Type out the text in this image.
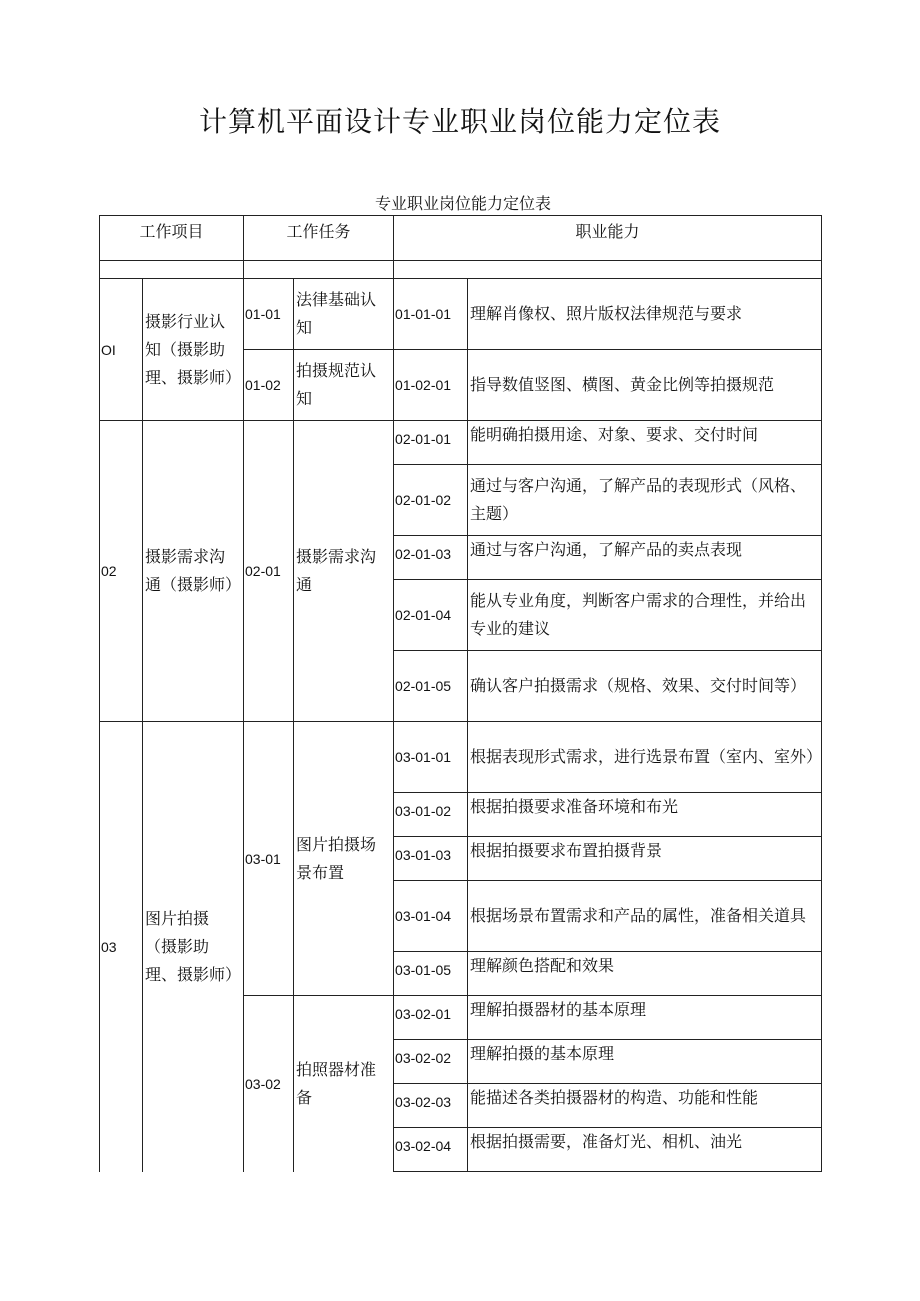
计算机平面设计专业职业岗位能力定位表
专业职业岗位能力定位表
工作项目		工作任务		职业能力	

OI	摄影行业认知（摄影助理、摄影师）	01-01	法律基础认知	01-01-01	理解肖像权、照片版权法律规范与要求
		01-02	拍摄规范认知	01-02-01	指导数值竖图、横图、黄金比例等拍摄规范
02	摄影需求沟通（摄影师）	02-01	摄影需求沟通	02-01-01	能明确拍摄用途、对象、要求、交付时间
				02-01-02	通过与客户沟通，了解产品的表现形式（风格、主题）
				02-01-03	通过与客户沟通，了解产品的卖点表现
				02-01-04	能从专业角度，判断客户需求的合理性，并给出专业的建议
				02-01-05	确认客户拍摄需求（规格、效果、交付时间等）
03	图片拍摄（摄影助理、摄影师）	03-01	图片拍摄场景布置	03-01-01	根据表现形式需求，进行选景布置（室内、室外）
				03-01-02	根据拍摄要求准备环境和布光
				03-01-03	根据拍摄要求布置拍摄背景
				03-01-04	根据场景布置需求和产品的属性，准备相关道具
				03-01-05	理解颜色搭配和效果
		03-02	拍照器材准备	03-02-01	理解拍摄器材的基本原理
				03-02-02	理解拍摄的基本原理
				03-02-03	能描述各类拍摄器材的构造、功能和性能
				03-02-04	根据拍摄需要，准备灯光、相机、油光
